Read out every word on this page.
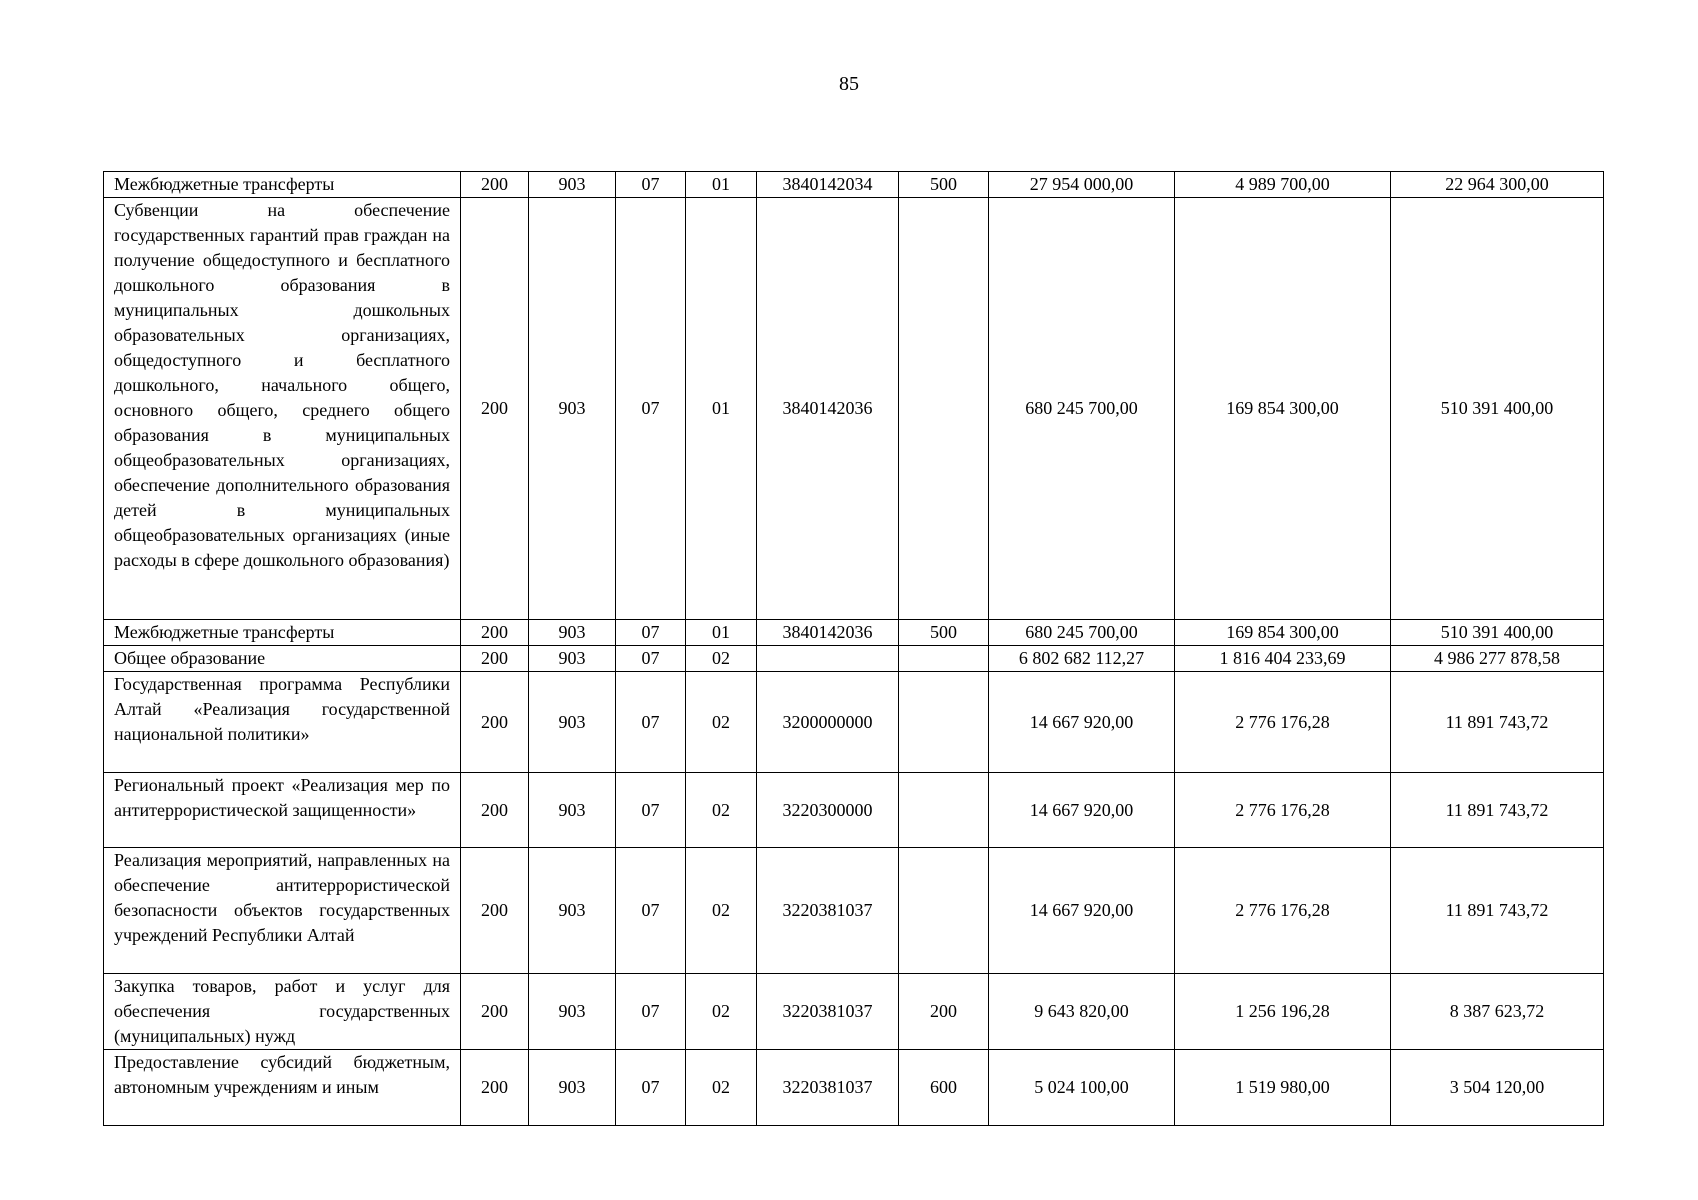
85
Межбюджетные трансферты	200	903	07	01	3840142034	500	27 954 000,00	4 989 700,00	22 964 300,00
Субвенции на обеспечение государственных гарантий прав граждан на получение общедоступного и бесплатного дошкольного образования в муниципальных дошкольных образовательных организациях, общедоступного и бесплатного дошкольного, начального общего, основного общего, среднего общего образования в муниципальных общеобразовательных организациях, обеспечение дополнительного образования детей в муниципальных общеобразовательных организациях (иные расходы в сфере дошкольного образования)	200	903	07	01	3840142036		680 245 700,00	169 854 300,00	510 391 400,00
Межбюджетные трансферты	200	903	07	01	3840142036	500	680 245 700,00	169 854 300,00	510 391 400,00
Общее образование	200	903	07	02			6 802 682 112,27	1 816 404 233,69	4 986 277 878,58
Государственная программа Республики Алтай «Реализация государственной национальной политики»	200	903	07	02	3200000000		14 667 920,00	2 776 176,28	11 891 743,72
Региональный проект «Реализация мер по антитеррористической защищенности»	200	903	07	02	3220300000		14 667 920,00	2 776 176,28	11 891 743,72
Реализация мероприятий, направленных на обеспечение антитеррористической безопасности объектов государственных учреждений Республики Алтай	200	903	07	02	3220381037		14 667 920,00	2 776 176,28	11 891 743,72
Закупка товаров, работ и услуг для обеспечения государственных (муниципальных) нужд	200	903	07	02	3220381037	200	9 643 820,00	1 256 196,28	8 387 623,72
Предоставление субсидий бюджетным, автономным учреждениям и иным	200	903	07	02	3220381037	600	5 024 100,00	1 519 980,00	3 504 120,00
